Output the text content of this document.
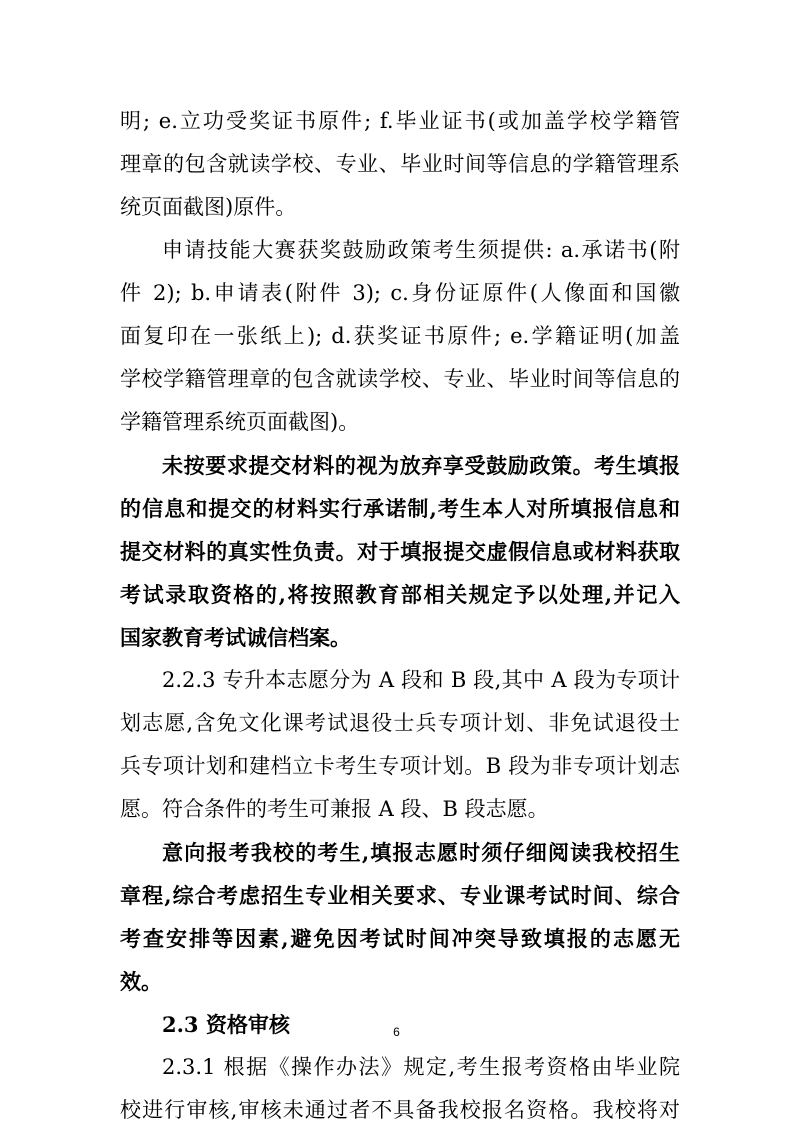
明; e.立功受奖证书原件; f.毕业证书(或加盖学校学籍管
理章的包含就读学校、专业、毕业时间等信息的学籍管理系
统页面截图)原件。
申请技能大赛获奖鼓励政策考生须提供: a.承诺书(附
件 2); b.申请表(附件 3); c.身份证原件(人像面和国徽
面复印在一张纸上); d.获奖证书原件; e.学籍证明(加盖
学校学籍管理章的包含就读学校、专业、毕业时间等信息的
学籍管理系统页面截图)。
未按要求提交材料的视为放弃享受鼓励政策。考生填报
的信息和提交的材料实行承诺制,考生本人对所填报信息和
提交材料的真实性负责。对于填报提交虚假信息或材料获取
考试录取资格的,将按照教育部相关规定予以处理,并记入
国家教育考试诚信档案。
2.2.3 专升本志愿分为 A 段和 B 段,其中 A 段为专项计
划志愿,含免文化课考试退役士兵专项计划、非免试退役士
兵专项计划和建档立卡考生专项计划。B 段为非专项计划志
愿。符合条件的考生可兼报 A 段、B 段志愿。
意向报考我校的考生,填报志愿时须仔细阅读我校招生
章程,综合考虑招生专业相关要求、专业课考试时间、综合
考查安排等因素,避免因考试时间冲突导致填报的志愿无
效。
2.3 资格审核
2.3.1 根据《操作办法》规定,考生报考资格由毕业院
校进行审核,审核未通过者不具备我校报名资格。我校将对
6
